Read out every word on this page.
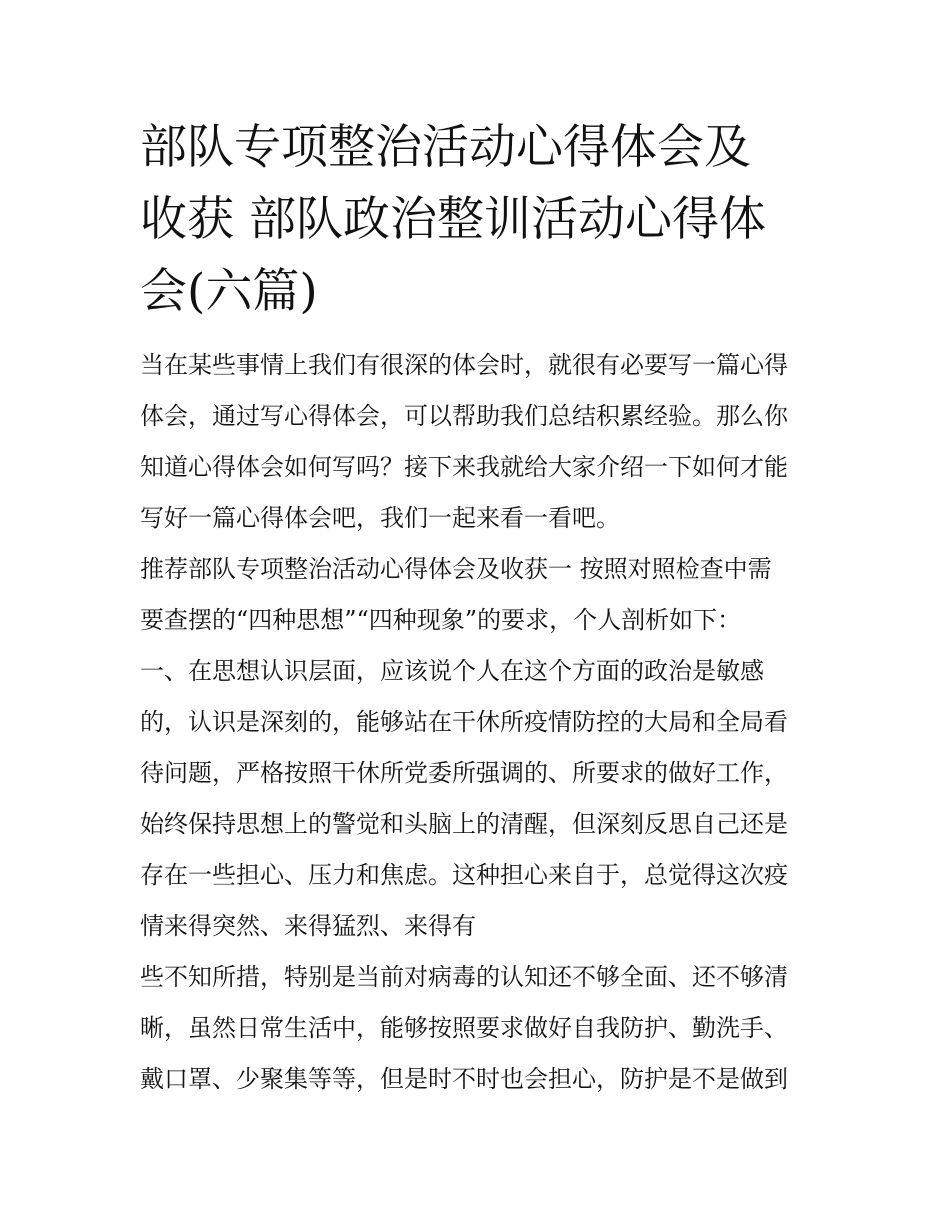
部队专项整治活动心得体会及
收获 部队政治整训活动心得体
会(六篇)
当在某些事情上我们有很深的体会时，就很有必要写一篇心得
体会，通过写心得体会，可以帮助我们总结积累经验。那么你
知道心得体会如何写吗？接下来我就给大家介绍一下如何才能
写好一篇心得体会吧，我们一起来看一看吧。
推荐部队专项整治活动心得体会及收获一 按照对照检查中需
要查摆的“四种思想”“四种现象”的要求，个人剖析如下：
一、在思想认识层面，应该说个人在这个方面的政治是敏感
的，认识是深刻的，能够站在干休所疫情防控的大局和全局看
待问题，严格按照干休所党委所强调的、所要求的做好工作，
始终保持思想上的警觉和头脑上的清醒，但深刻反思自己还是
存在一些担心、压力和焦虑。这种担心来自于，总觉得这次疫
情来得突然、来得猛烈、来得有
些不知所措，特别是当前对病毒的认知还不够全面、还不够清
晰，虽然日常生活中，能够按照要求做好自我防护、勤洗手、
戴口罩、少聚集等等，但是时不时也会担心，防护是不是做到
